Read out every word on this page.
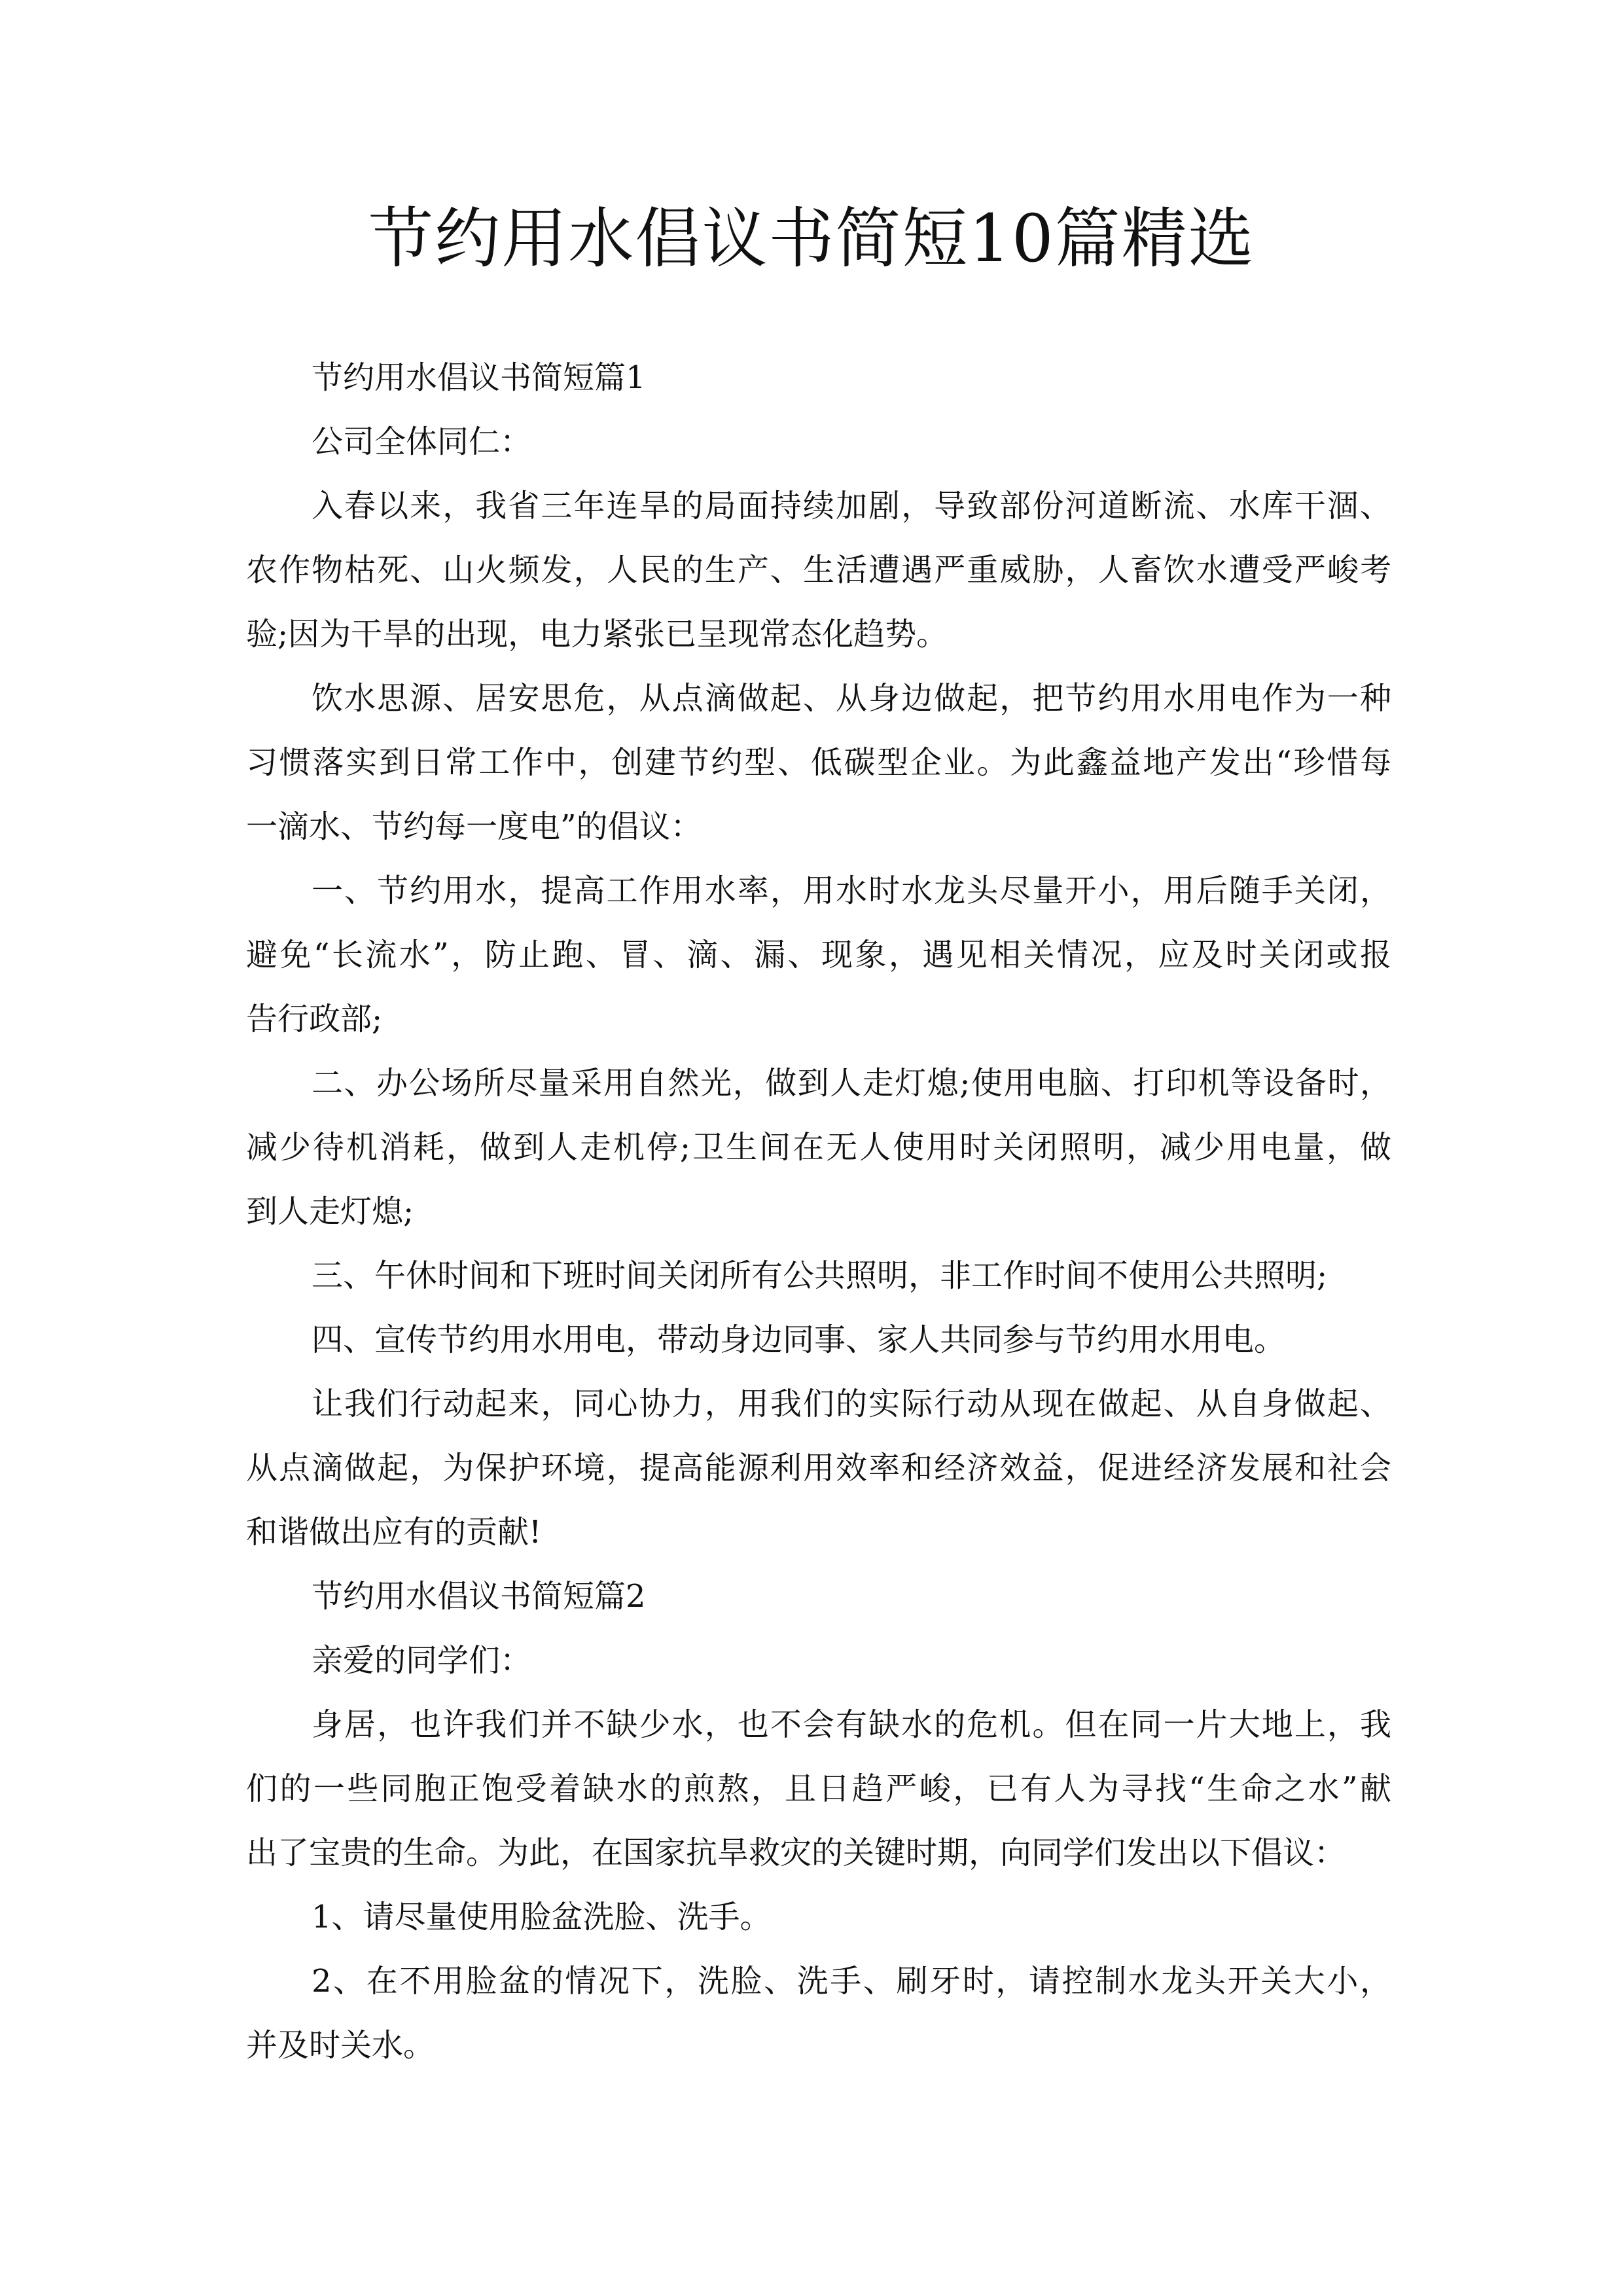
节约用水倡议书简短10篇精选
节约用水倡议书简短篇1
公司全体同仁：
入春以来，我省三年连旱的局面持续加剧，导致部份河道断流、水库干涸、
农作物枯死、山火频发，人民的生产、生活遭遇严重威胁，人畜饮水遭受严峻考
验;因为干旱的出现，电力紧张已呈现常态化趋势。
饮水思源、居安思危，从点滴做起、从身边做起，把节约用水用电作为一种
习惯落实到日常工作中，创建节约型、低碳型企业。为此鑫益地产发出“珍惜每
一滴水、节约每一度电”的倡议：
一、节约用水，提高工作用水率，用水时水龙头尽量开小，用后随手关闭，
避免“长流水”，防止跑、冒、滴、漏、现象，遇见相关情况，应及时关闭或报
告行政部;
二、办公场所尽量采用自然光，做到人走灯熄;使用电脑、打印机等设备时，
减少待机消耗，做到人走机停;卫生间在无人使用时关闭照明，减少用电量，做
到人走灯熄;
三、午休时间和下班时间关闭所有公共照明，非工作时间不使用公共照明;
四、宣传节约用水用电，带动身边同事、家人共同参与节约用水用电。
让我们行动起来，同心协力，用我们的实际行动从现在做起、从自身做起、
从点滴做起，为保护环境，提高能源利用效率和经济效益，促进经济发展和社会
和谐做出应有的贡献!
节约用水倡议书简短篇2
亲爱的同学们：
身居，也许我们并不缺少水，也不会有缺水的危机。但在同一片大地上，我
们的一些同胞正饱受着缺水的煎熬，且日趋严峻，已有人为寻找“生命之水”献
出了宝贵的生命。为此，在国家抗旱救灾的关键时期，向同学们发出以下倡议：
1、请尽量使用脸盆洗脸、洗手。
2、在不用脸盆的情况下，洗脸、洗手、刷牙时，请控制水龙头开关大小，
并及时关水。
